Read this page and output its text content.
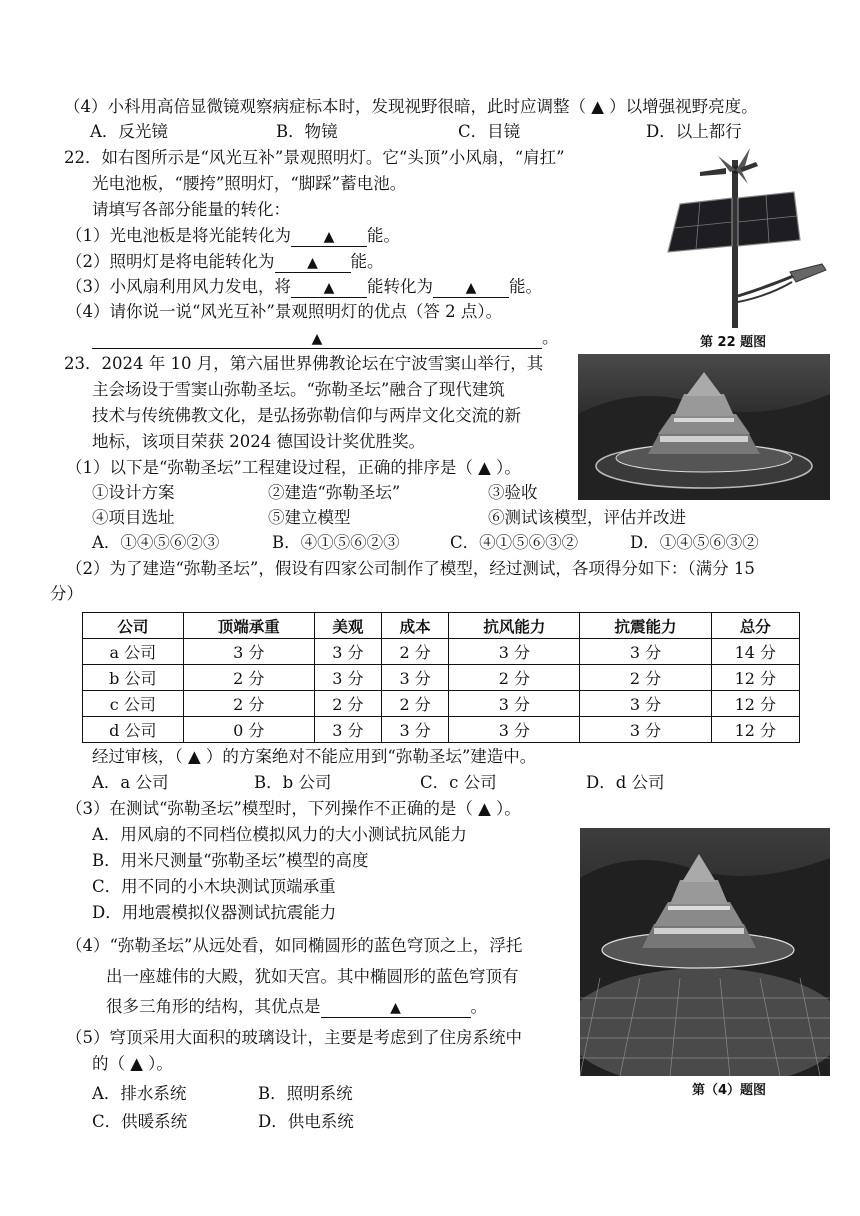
（4）小科用高倍显微镜观察病症标本时，发现视野很暗，此时应调整（ ▲ ）以增强视野亮度。
A．反光镜	B．物镜	C．目镜	D．以上都行
22．如右图所示是“风光互补”景观照明灯。它“头顶”小风扇，“肩扛”
光电池板，“腰挎”照明灯，“脚踩”蓄电池。
请填写各部分能量的转化：
（1）光电池板是将光能转化为 ▲ 能。
（2）照明灯是将电能转化为 ▲ 能。
（3）小风扇利用风力发电，将 ▲ 能转化为 ▲ 能。
（4）请你说一说“风光互补”景观照明灯的优点（答 2 点）。
▲	。	第 22 题图
23．2024 年 10 月，第六届世界佛教论坛在宁波雪窦山举行，其
主会场设于雪窦山弥勒圣坛。“弥勒圣坛”融合了现代建筑
技术与传统佛教文化，是弘扬弥勒信仰与两岸文化交流的新
地标，该项目荣获 2024 德国设计奖优胜奖。
（1）以下是“弥勒圣坛”工程建设过程，正确的排序是（ ▲ ）。
①设计方案	②建造“弥勒圣坛”	③验收
④项目选址	⑤建立模型	⑥测试该模型，评估并改进
A．①④⑤⑥②③	B．④①⑤⑥②③	C．④①⑤⑥③②	D．①④⑤⑥③②
（2）为了建造“弥勒圣坛”，假设有四家公司制作了模型，经过测试，各项得分如下：（满分 15
分）
公司	顶端承重	美观	成本	抗风能力	抗震能力	总分
a 公司	3 分	3 分	2 分	3 分	3 分	14 分
b 公司	2 分	3 分	3 分	2 分	2 分	12 分
c 公司	2 分	2 分	2 分	3 分	3 分	12 分
d 公司	0 分	3 分	3 分	3 分	3 分	12 分
经过审核，（ ▲ ）的方案绝对不能应用到“弥勒圣坛”建造中。
A．a 公司	B．b 公司	C．c 公司	D．d 公司
（3）在测试“弥勒圣坛”模型时，下列操作不正确的是（ ▲ ）。
A．用风扇的不同档位模拟风力的大小测试抗风能力
B．用米尺测量“弥勒圣坛”模型的高度
C．用不同的小木块测试顶端承重
D．用地震模拟仪器测试抗震能力
（4）“弥勒圣坛”从远处看，如同椭圆形的蓝色穹顶之上，浮托
出一座雄伟的大殿，犹如天宫。其中椭圆形的蓝色穹顶有
很多三角形的结构，其优点是	▲	。
（5）穹顶采用大面积的玻璃设计，主要是考虑到了住房系统中
的（ ▲ ）。
A．排水系统	B．照明系统
C．供暖系统	D．供电系统
第（4）题图
